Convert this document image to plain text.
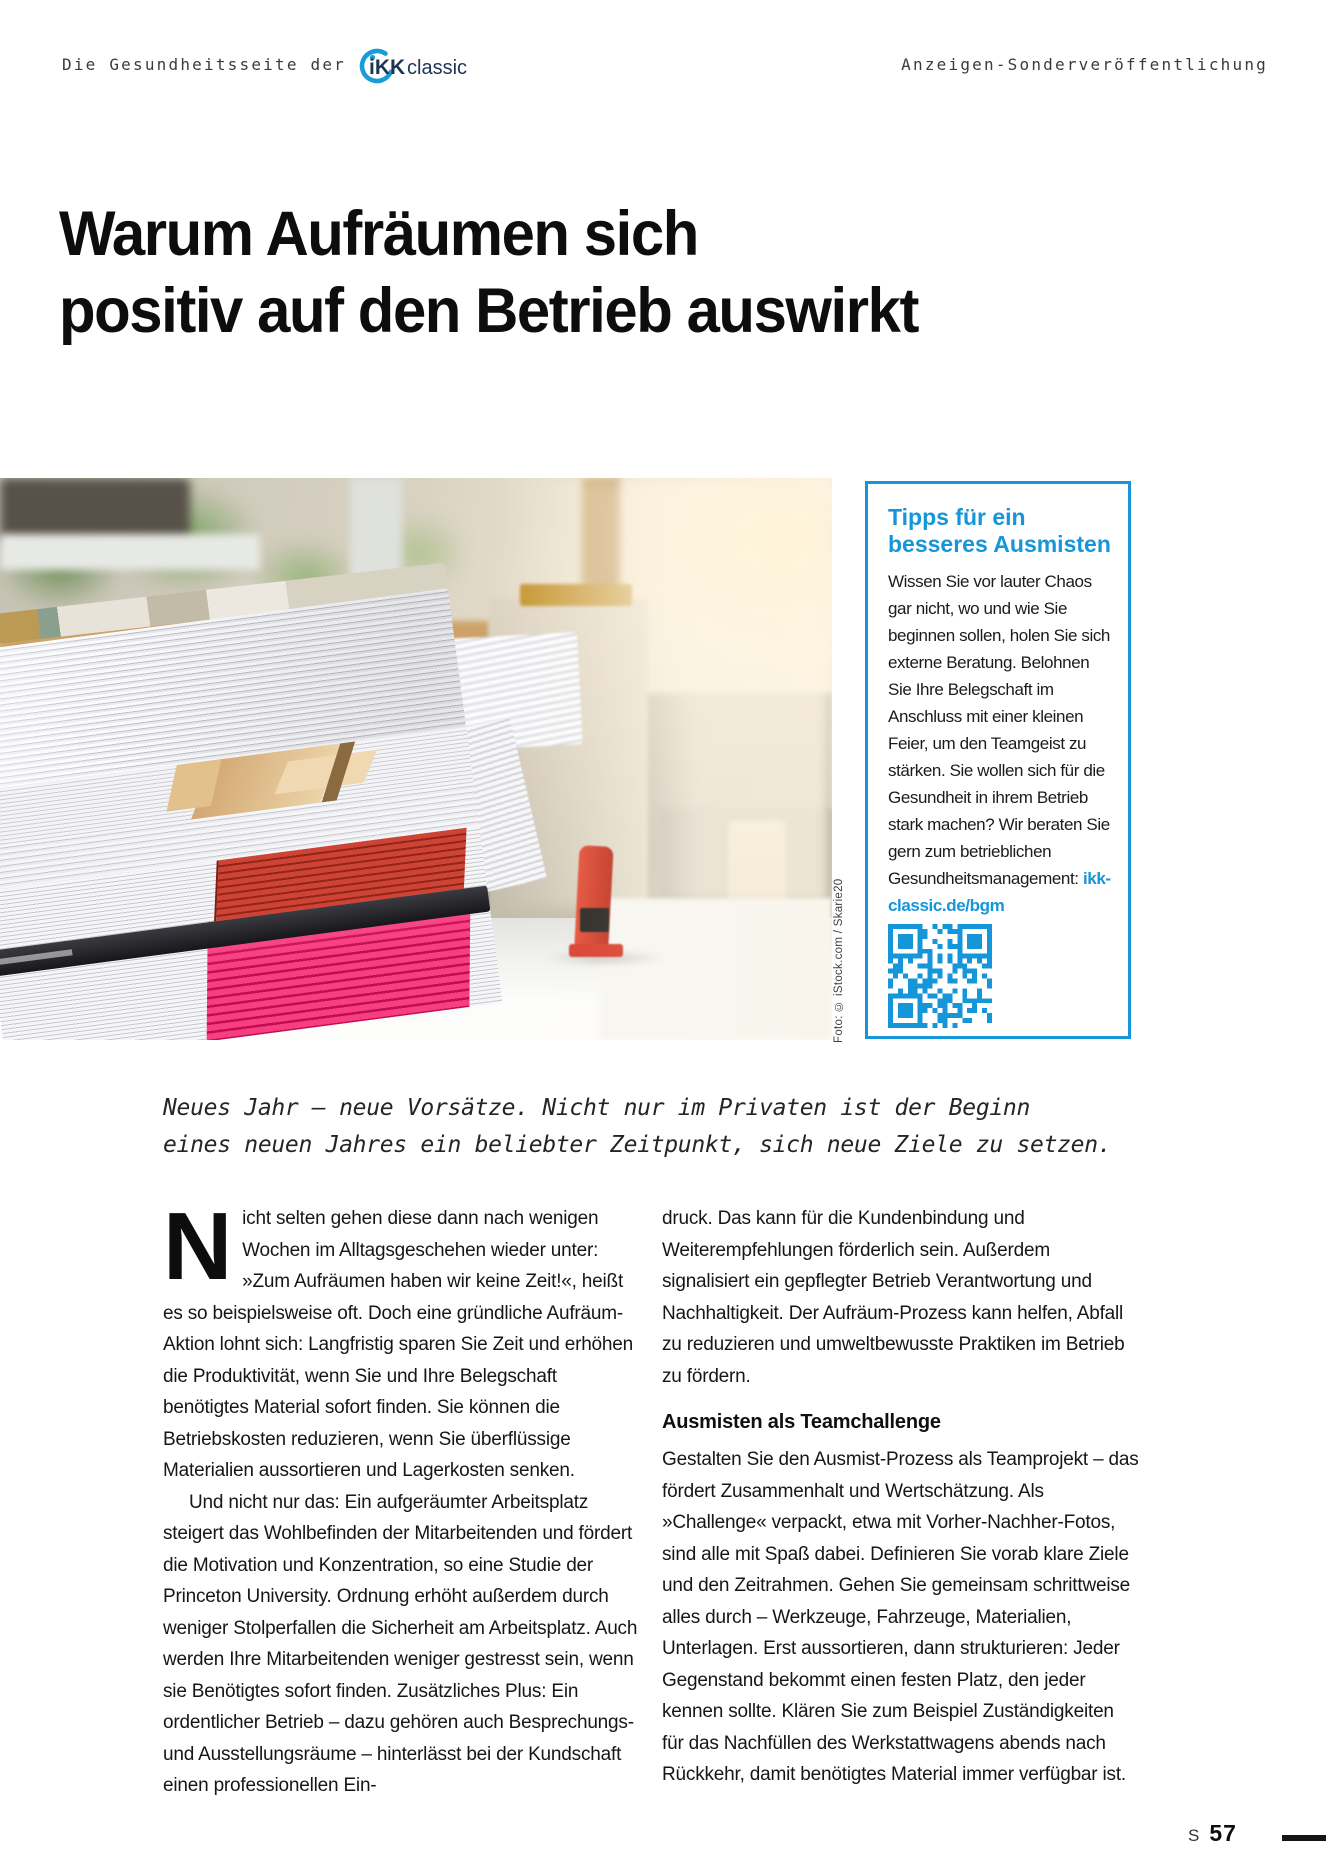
Die Gesundheitsseite der iKK classic	Anzeigen-Sonderveröffentlichung
Warum Aufräumen sich
positiv auf den Betrieb auswirkt
Foto: © iStock.com / Skarie20
Tipps für ein besseres Ausmisten

Wissen Sie vor lauter Chaos gar nicht, wo und wie Sie beginnen sollen, holen Sie sich externe Beratung. Belohnen Sie Ihre Belegschaft im Anschluss mit einer kleinen Feier, um den Teamgeist zu stärken. Sie wollen sich für die Gesundheit in ihrem Betrieb stark machen? Wir beraten Sie gern zum betrieblichen Gesundheitsmanagement: ikk-classic.de/bgm

Neues Jahr – neue Vorsätze. Nicht nur im Privaten ist der Beginn
eines neuen Jahres ein beliebter Zeitpunkt, sich neue Ziele zu setzen.

Nicht selten gehen diese dann nach wenigen Wochen im Alltagsgeschehen wieder unter: »Zum Aufräumen haben wir keine Zeit!«, heißt es so beispielsweise oft. Doch eine gründliche Aufräum-Aktion lohnt sich: Langfristig sparen Sie Zeit und erhöhen die Produktivität, wenn Sie und Ihre Belegschaft benötigtes Material sofort finden. Sie können die Betriebskosten reduzieren, wenn Sie überflüssige Materialien aussortieren und Lagerkosten senken.

Und nicht nur das: Ein aufgeräumter Arbeitsplatz steigert das Wohlbefinden der Mitarbeitenden und fördert die Motivation und Konzentration, so eine Studie der Princeton University. Ordnung erhöht außerdem durch weniger Stolperfallen die Sicherheit am Arbeitsplatz. Auch werden Ihre Mitarbeitenden weniger gestresst sein, wenn sie Benötigtes sofort finden. Zusätzliches Plus: Ein ordentlicher Betrieb – dazu gehören auch Besprechungs- und Ausstellungsräume – hinterlässt bei der Kundschaft einen professionellen Ein-

druck. Das kann für die Kundenbindung und Weiterempfehlungen förderlich sein. Außerdem signalisiert ein gepflegter Betrieb Verantwortung und Nachhaltigkeit. Der Aufräum-Prozess kann helfen, Abfall zu reduzieren und umweltbewusste Praktiken im Betrieb zu fördern.

Ausmisten als Teamchallenge

Gestalten Sie den Ausmist-Prozess als Teamprojekt – das fördert Zusammenhalt und Wertschätzung. Als »Challenge« verpackt, etwa mit Vorher-Nachher-Fotos, sind alle mit Spaß dabei. Definieren Sie vorab klare Ziele und den Zeitrahmen. Gehen Sie gemeinsam schrittweise alles durch – Werkzeuge, Fahrzeuge, Materialien, Unterlagen. Erst aussortieren, dann strukturieren: Jeder Gegenstand bekommt einen festen Platz, den jeder kennen sollte. Klären Sie zum Beispiel Zuständigkeiten für das Nachfüllen des Werkstattwagens abends nach Rückkehr, damit benötigtes Material immer verfügbar ist.

S 57
